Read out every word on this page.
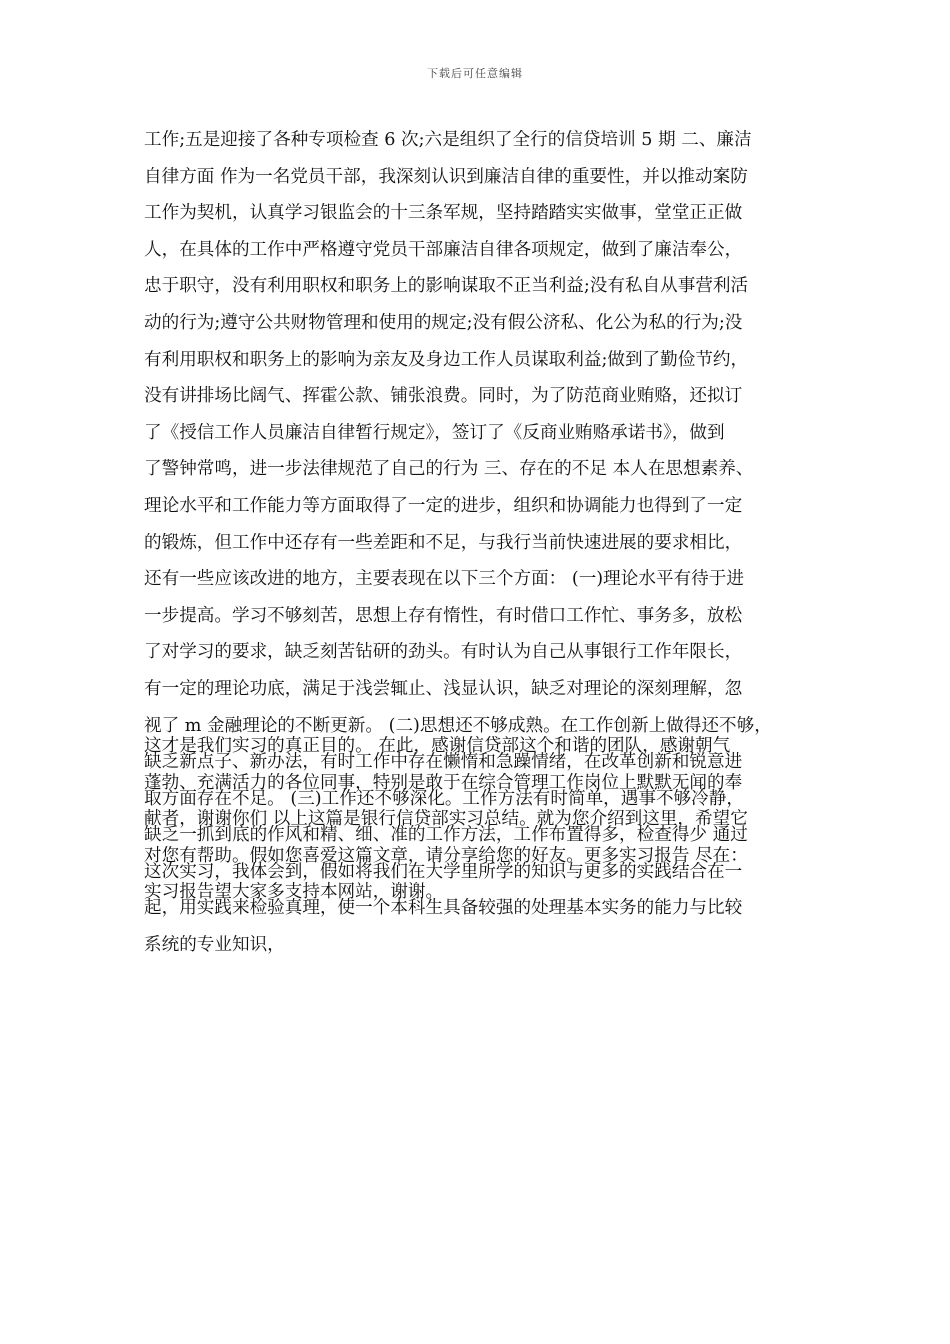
下载后可任意编辑
工作;五是迎接了各种专项检查 6 次;六是组织了全行的信贷培训 5 期 二、廉洁
自律方面 作为一名党员干部，我深刻认识到廉洁自律的重要性，并以推动案防
工作为契机，认真学习银监会的十三条军规，坚持踏踏实实做事，堂堂正正做
人，在具体的工作中严格遵守党员干部廉洁自律各项规定，做到了廉洁奉公，
忠于职守，没有利用职权和职务上的影响谋取不正当利益;没有私自从事营利活
动的行为;遵守公共财物管理和使用的规定;没有假公济私、化公为私的行为;没
有利用职权和职务上的影响为亲友及身边工作人员谋取利益;做到了勤俭节约，
没有讲排场比阔气、挥霍公款、铺张浪费。同时，为了防范商业贿赂，还拟订
了《授信工作人员廉洁自律暂行规定》，签订了《反商业贿赂承诺书》，做到
了警钟常鸣，进一步法律规范了自己的行为 三、存在的不足 本人在思想素养、
理论水平和工作能力等方面取得了一定的进步，组织和协调能力也得到了一定
的锻炼，但工作中还存有一些差距和不足，与我行当前快速进展的要求相比，
还有一些应该改进的地方，主要表现在以下三个方面： (一)理论水平有待于进
一步提高。学习不够刻苦，思想上存有惰性，有时借口工作忙、事务多，放松
了对学习的要求，缺乏刻苦钻研的劲头。有时认为自己从事银行工作年限长，
有一定的理论功底，满足于浅尝辄止、浅显认识，缺乏对理论的深刻理解，忽
视了 m 金融理论的不断更新。 (二)思想还不够成熟。在工作创新上做得还不够，
缺乏新点子、新办法，有时工作中存在懒惰和急躁情绪，在改革创新和锐意进
取方面存在不足。 (三)工作还不够深化。工作方法有时简单，遇事不够冷静，
缺乏一抓到底的作风和精、细、准的工作方法，工作布置得多，检查得少 通过
这次实习，我体会到，假如将我们在大学里所学的知识与更多的实践结合在一
起，用实践来检验真理，使一个本科生具备较强的处理基本实务的能力与比较
系统的专业知识，
这才是我们实习的真正目的。 在此，感谢信贷部这个和谐的团队，感谢朝气
蓬勃、充满活力的各位同事，特别是敢于在综合管理工作岗位上默默无闻的奉
献者，谢谢你们 以上这篇是银行信贷部实习总结。就为您介绍到这里，希望它
对您有帮助。假如您喜爱这篇文章，请分享给您的好友。更多实习报告 尽在：
实习报告望大家多支持本网站，谢谢。
